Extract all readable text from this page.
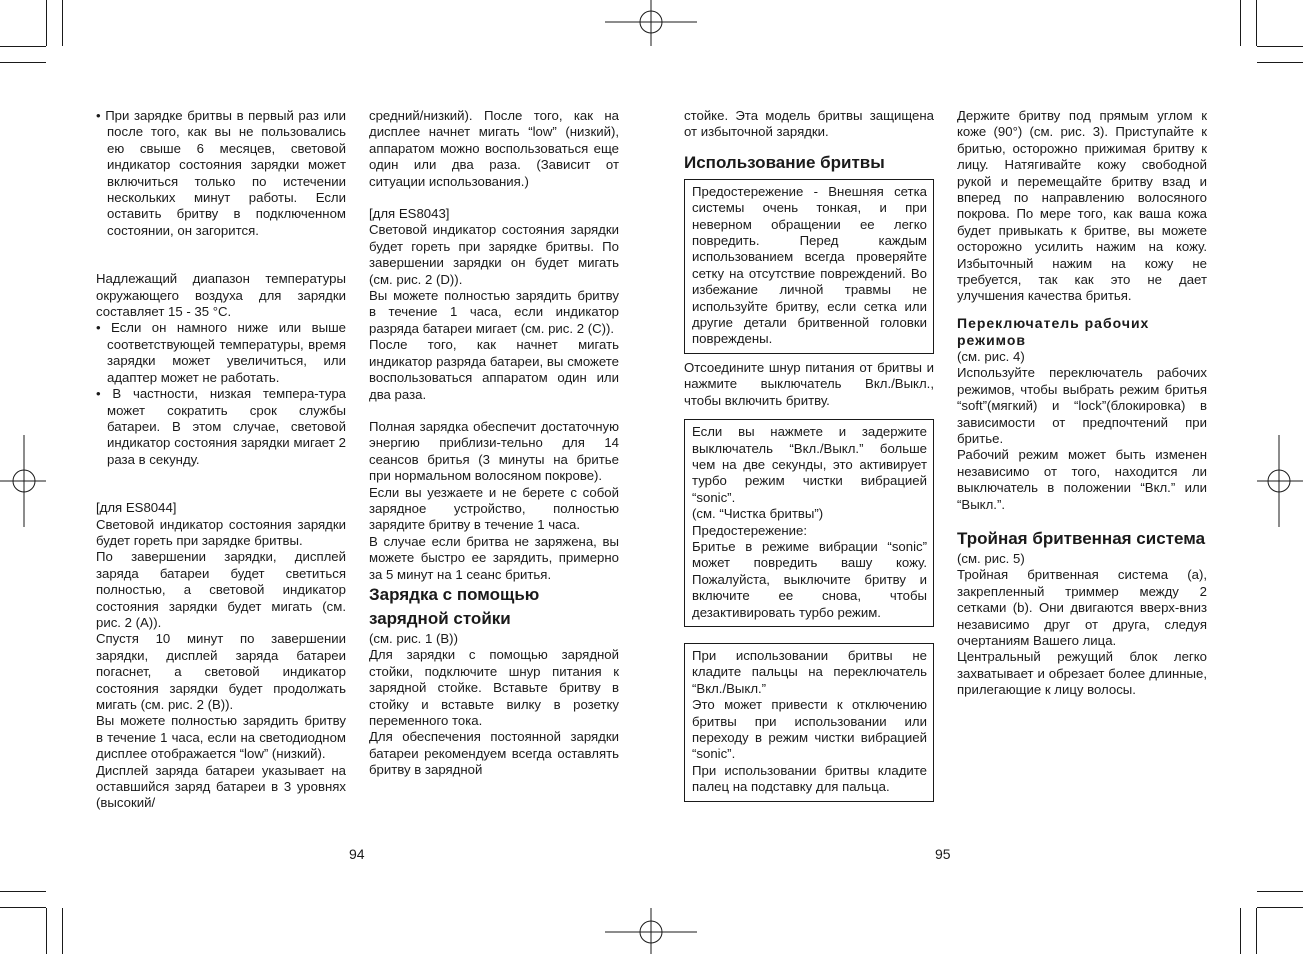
• При зарядке бритвы в первый раз или после того, как вы не пользовались ею свыше 6 месяцев, световой индикатор состояния зарядки может включиться только по истечении нескольких минут работы. Если оставить бритву в подключенном состоянии, он загорится.

Надлежащий диапазон температуры окружающего воздуха для зарядки составляет 15 - 35 °C.

• Если он намного ниже или выше соответствующей температуры, время зарядки может увеличиться, или адаптер может не работать.

• В частности, низкая темпера-тура может сократить срок службы батареи. В этом случае, световой индикатор состояния зарядки мигает 2 раза в секунду.

[для ES8044]

Световой индикатор состояния зарядки будет гореть при зарядке бритвы.

По завершении зарядки, дисплей заряда батареи будет светиться полностью, а световой индикатор состояния зарядки будет мигать (см. рис. 2 (A)).

Спустя 10 минут по завершении зарядки, дисплей заряда батареи погаснет, а световой индикатор состояния зарядки будет продолжать мигать (см. рис. 2 (B)).

Вы можете полностью зарядить бритву в течение 1 часа, если на светодиодном дисплее отображается “low” (низкий).

Дисплей заряда батареи указывает на оставшийся заряд батареи в 3 уровнях (высокий/

средний/низкий). После того, как на дисплее начнет мигать “low” (низкий), аппаратом можно воспользоваться еще один или два раза. (Зависит от ситуации использования.)

[для ES8043]

Световой индикатор состояния зарядки будет гореть при зарядке бритвы. По завершении зарядки он будет мигать (см. рис. 2 (D)).

Вы можете полностью зарядить бритву в течение 1 часа, если индикатор разряда батареи мигает (см. рис. 2 (C)).

После того, как начнет мигать индикатор разряда батареи, вы сможете воспользоваться аппаратом один или два раза.

Полная зарядка обеспечит достаточную энергию приблизи-тельно для 14 сеансов бритья (3 минуты на бритье при нормальном волосяном покрове).

Если вы уезжаете и не берете с собой зарядное устройство, полностью зарядите бритву в течение 1 часа.

В случае если бритва не заряжена, вы можете быстро ее зарядить, примерно за 5 минут на 1 сеанс бритья.

Зарядка с помощью зарядной стойки

(см. рис. 1 (B))

Для зарядки с помощью зарядной стойки, подключите шнур питания к зарядной стойке. Вставьте бритву в стойку и вставьте вилку в розетку переменного тока.

Для обеспечения постоянной зарядки батареи рекомендуем всегда оставлять бритву в зарядной

94

стойке. Эта модель бритвы защищена от избыточной зарядки.

Использование бритвы

Предостережение - Внешняя сетка системы очень тонкая, и при неверном обращении ее легко повредить. Перед каждым использованием всегда проверяйте сетку на отсутствие повреждений. Во избежание личной травмы не используйте бритву, если сетка или другие детали бритвенной головки повреждены.

Отсоедините шнур питания от бритвы и нажмите выключатель Вкл./Выкл., чтобы включить бритву.

Если вы нажмете и задержите выключатель “Вкл./Выкл.” больше чем на две секунды, это активирует турбо режим чистки вибрацией “sonic”.

(см. “Чистка бритвы”)

Предостережение:

Бритье в режиме вибрации “sonic” может повредить вашу кожу. Пожалуйста, выключите бритву и включите ее снова, чтобы дезактивировать турбо режим.

При использовании бритвы не кладите пальцы на переключатель “Вкл./Выкл.”

Это может привести к отключению бритвы при использовании или переходу в режим чистки вибрацией “sonic”.

При использовании бритвы кладите палец на подставку для пальца.

95

Держите бритву под прямым углом к коже (90°) (см. рис. 3). Приступайте к бритью, осторожно прижимая бритву к лицу. Натягивайте кожу свободной рукой и перемещайте бритву взад и вперед по направлению волосяного покрова. По мере того, как ваша кожа будет привыкать к бритве, вы можете осторожно усилить нажим на кожу. Избыточный нажим на кожу не требуется, так как это не дает улучшения качества бритья.

Переключатель рабочих режимов

(см. рис. 4)

Используйте переключатель рабочих режимов, чтобы выбрать режим бритья “soft”(мягкий) и “lock”(блокировка) в зависимости от предпочтений при бритье.

Рабочий режим может быть изменен независимо от того, находится ли выключатель в положении “Вкл.” или “Выкл.”.

Тройная бритвенная система

(см. рис. 5)

Тройная бритвенная система (a), закрепленный триммер между 2 сетками (b). Они двигаются вверх-вниз независимо друг от друга, следуя очертаниям Вашего лица.

Центральный режущий блок легко захватывает и обрезает более длинные, прилегающие к лицу волосы.
